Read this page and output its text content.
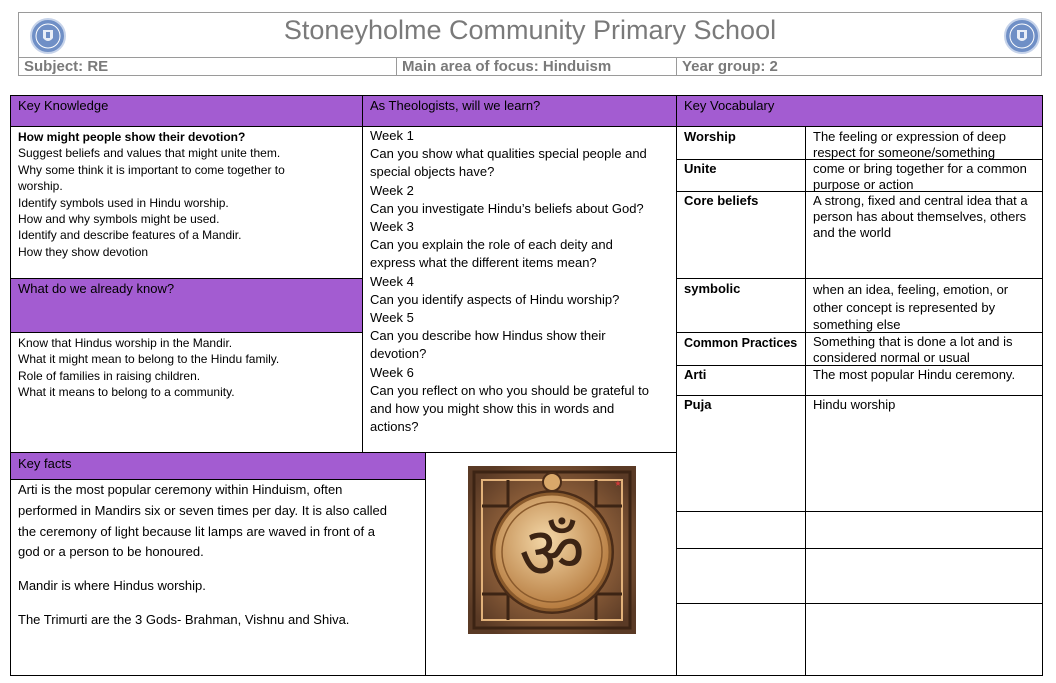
Stoneyholme Community Primary School
Subject: RE	Main area of focus: Hinduism	Year group: 2
Key Knowledge	As Theologists, will we learn?	Key Vocabulary
What do we already know?
Key facts
How might people show their devotion?
Suggest beliefs and values that might unite them.
Why some think it is important to come together to
worship.
Identify symbols used in Hindu worship.
How and why symbols might be used.
Identify and describe features of a Mandir.
How they show devotion
Know that Hindus worship in the Mandir.
What it might mean to belong to the Hindu family.
Role of families in raising children.
What it means to belong to a community.
Week 1
Can you show what qualities special people and
special objects have?
Week 2
Can you investigate Hindu’s beliefs about God?
Week 3
Can you explain the role of each deity and
express what the different items mean?
Week 4
Can you identify aspects of Hindu worship?
Week 5
Can you describe how Hindus show their
devotion?
Week 6
Can you reflect on who you should be grateful to
and how you might show this in words and
actions?
Worship	The feeling or expression of deep
respect for someone/something
Unite	come or bring together for a common
purpose or action
Core beliefs	A strong, fixed and central idea that a
person has about themselves, others
and the world
symbolic	when an idea, feeling, emotion, or
other concept is represented by
something else
Common Practices	Something that is done a lot and is
considered normal or usual
Arti	The most popular Hindu ceremony.
Puja	Hindu worship
Arti is the most popular ceremony within Hinduism, often
performed in Mandirs six or seven times per day. It is also called
the ceremony of light because lit lamps are waved in front of a
god or a person to be honoured.
Mandir is where Hindus worship.
The Trimurti are the 3 Gods- Brahman, Vishnu and Shiva.
ॐ
★
